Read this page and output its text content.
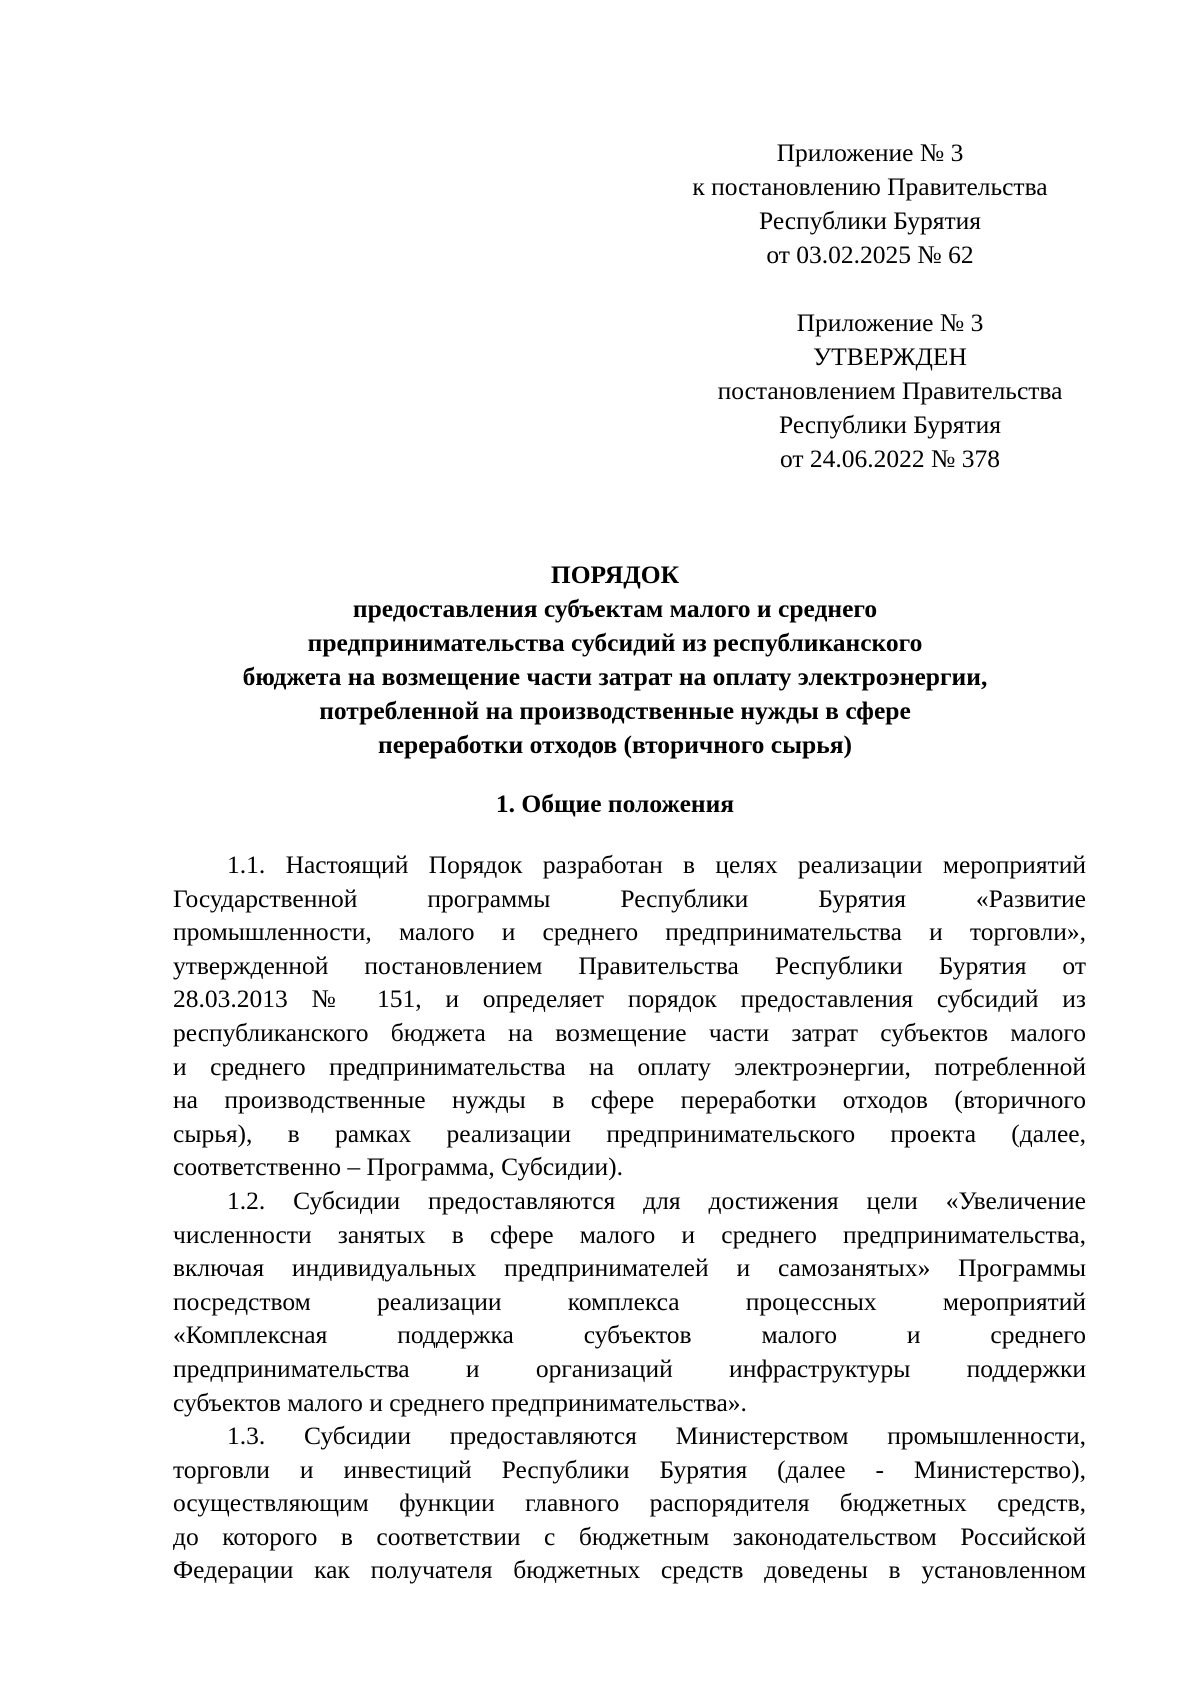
Приложение № 3
к постановлению Правительства
Республики Бурятия
от 03.02.2025 № 62
Приложение № 3
УТВЕРЖДЕН
постановлением Правительства
Республики Бурятия
от 24.06.2022 № 378
ПОРЯДОК
предоставления субъектам малого и среднего
предпринимательства субсидий из республиканского
бюджета на возмещение части затрат на оплату электроэнергии,
потребленной на производственные нужды в сфере
переработки отходов (вторичного сырья)
1. Общие положения
1.1. Настоящий Порядок разработан в целях реализации мероприятий
Государственной программы Республики Бурятия «Развитие
промышленности, малого и среднего предпринимательства и торговли»,
утвержденной постановлением Правительства Республики Бурятия от
28.03.2013 № 151, и определяет порядок предоставления субсидий из
республиканского бюджета на возмещение части затрат субъектов малого
и среднего предпринимательства на оплату электроэнергии, потребленной
на производственные нужды в сфере переработки отходов (вторичного
сырья), в рамках реализации предпринимательского проекта (далее,
соответственно – Программа, Субсидии).
1.2. Субсидии предоставляются для достижения цели «Увеличение
численности занятых в сфере малого и среднего предпринимательства,
включая индивидуальных предпринимателей и самозанятых» Программы
посредством реализации комплекса процессных мероприятий
«Комплексная поддержка субъектов малого и среднего
предпринимательства и организаций инфраструктуры поддержки
субъектов малого и среднего предпринимательства».
1.3. Субсидии предоставляются Министерством промышленности,
торговли и инвестиций Республики Бурятия (далее - Министерство),
осуществляющим функции главного распорядителя бюджетных средств,
до которого в соответствии с бюджетным законодательством Российской
Федерации как получателя бюджетных средств доведены в установленном
